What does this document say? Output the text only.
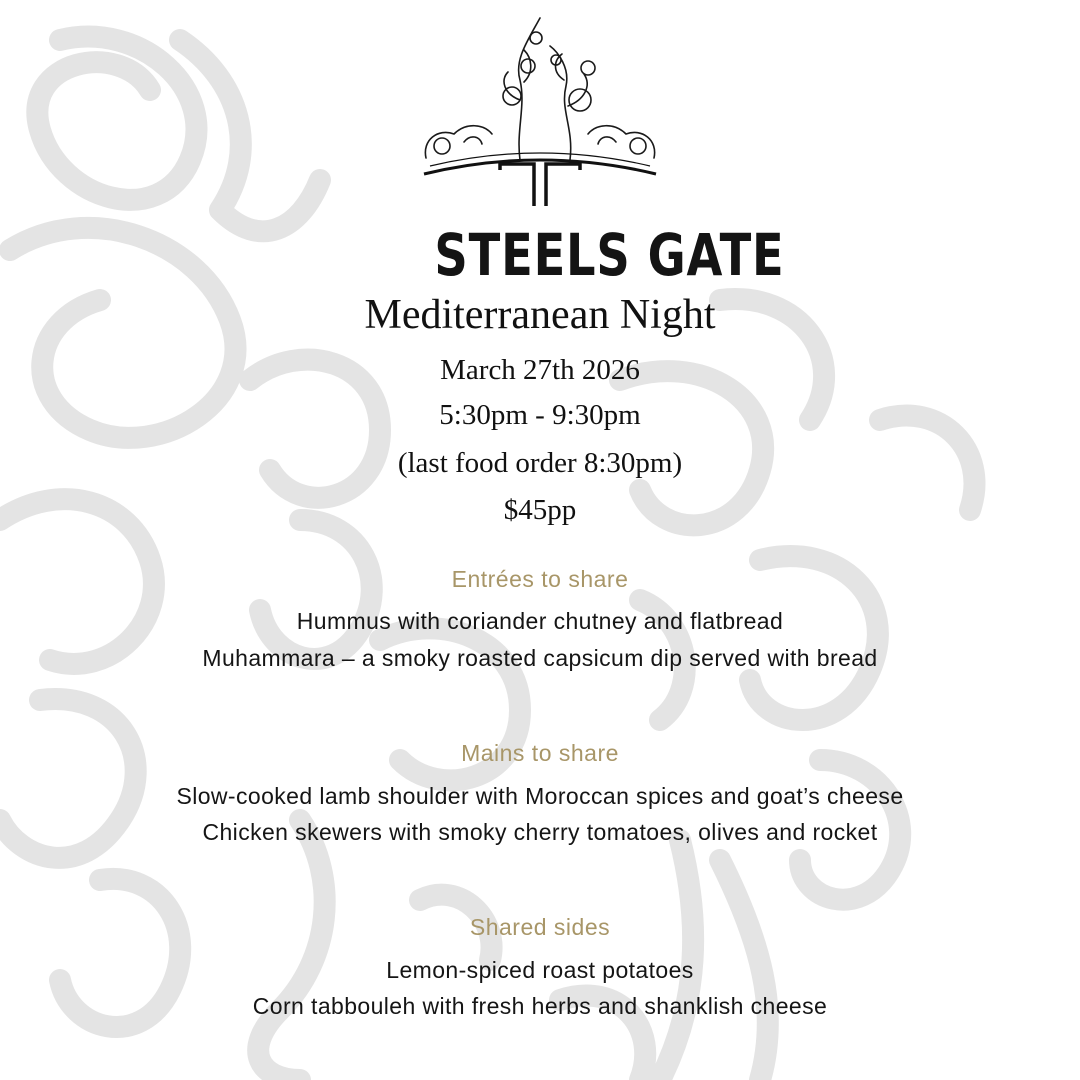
STEELS GATE
Mediterranean Night
March 27th 2026
5:30pm - 9:30pm
(last food order 8:30pm)
$45pp
Entrées to share
Hummus with coriander chutney and flatbread
Muhammara – a smoky roasted capsicum dip served with bread
Mains to share
Slow-cooked lamb shoulder with Moroccan spices and goat’s cheese
Chicken skewers with smoky cherry tomatoes, olives and rocket
Shared sides
Lemon-spiced roast potatoes
Corn tabbouleh with fresh herbs and shanklish cheese
